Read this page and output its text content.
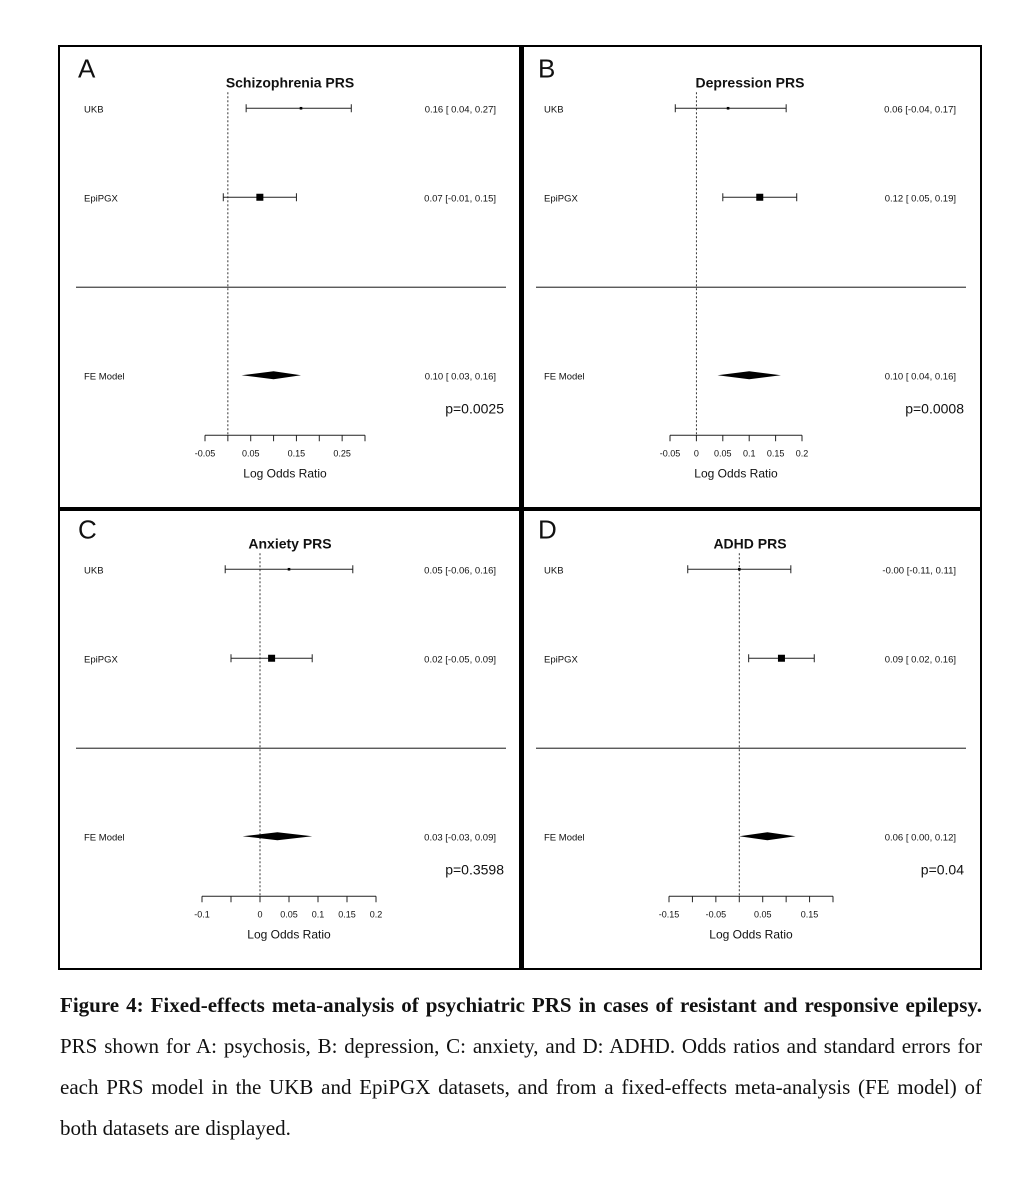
A	Schizophrenia PRS
UKB	0.16 [ 0.04, 0.27]
EpiPGX	0.07 [-0.01, 0.15]
FE Model	0.10 [ 0.03, 0.16]
p=0.0025
-0.05	0.05	0.15	0.25
Log Odds Ratio
B	Depression PRS
UKB	0.06 [-0.04, 0.17]
EpiPGX	0.12 [ 0.05, 0.19]
FE Model	0.10 [ 0.04, 0.16]
p=0.0008
-0.05 0 0.05 0.1 0.15 0.2
Log Odds Ratio
C	Anxiety PRS
UKB	0.05 [-0.06, 0.16]
EpiPGX	0.02 [-0.05, 0.09]
FE Model	0.03 [-0.03, 0.09]
p=0.3598
-0.1	0 0.05 0.1 0.15 0.2
Log Odds Ratio
D	ADHD PRS
UKB	-0.00 [-0.11, 0.11]
EpiPGX	0.09 [ 0.02, 0.16]
FE Model	0.06 [ 0.00, 0.12]
p=0.04
-0.15	-0.05	0.05	0.15
Log Odds Ratio
Figure 4: Fixed-effects meta-analysis of psychiatric PRS in cases of resistant and responsive epilepsy. PRS shown for A: psychosis, B: depression, C: anxiety, and D: ADHD. Odds ratios and standard errors for each PRS model in the UKB and EpiPGX datasets, and from a fixed-effects meta-analysis (FE model) of both datasets are displayed.
